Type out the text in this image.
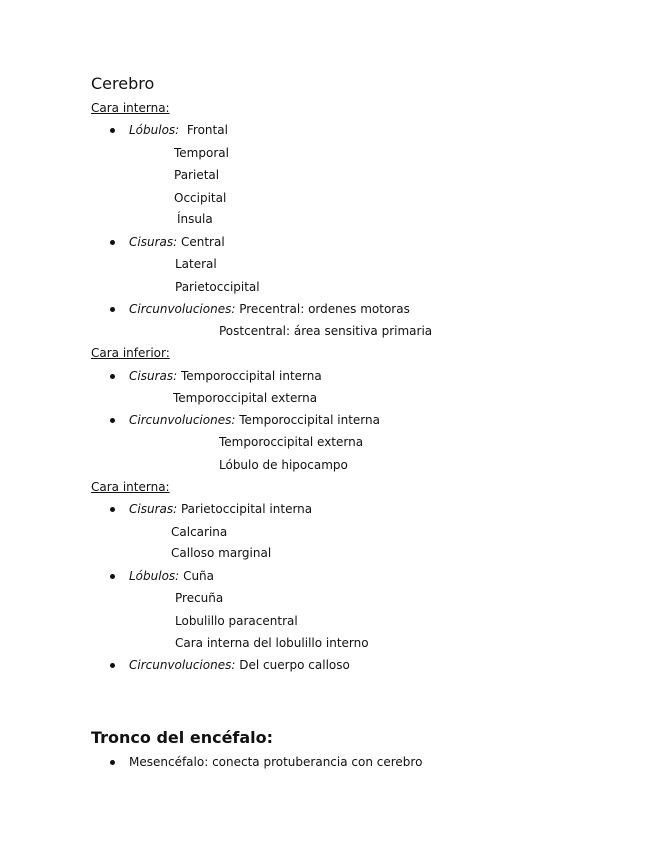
Cerebro
Cara interna:
Lóbulos: Frontal
Temporal
Parietal
Occipital
Ínsula
Cisuras: Central
Lateral
Parietoccipital
Circunvoluciones: Precentral: ordenes motoras
Postcentral: área sensitiva primaria
Cara inferior:
Cisuras: Temporoccipital interna
Temporoccipital externa
Circunvoluciones: Temporoccipital interna
Temporoccipital externa
Lóbulo de hipocampo
Cara interna:
Cisuras: Parietoccipital interna
Calcarina
Calloso marginal
Lóbulos: Cuña
Precuña
Lobulillo paracentral
Cara interna del lobulillo interno
Circunvoluciones: Del cuerpo calloso
Tronco del encéfalo:
Mesencéfalo: conecta protuberancia con cerebro
